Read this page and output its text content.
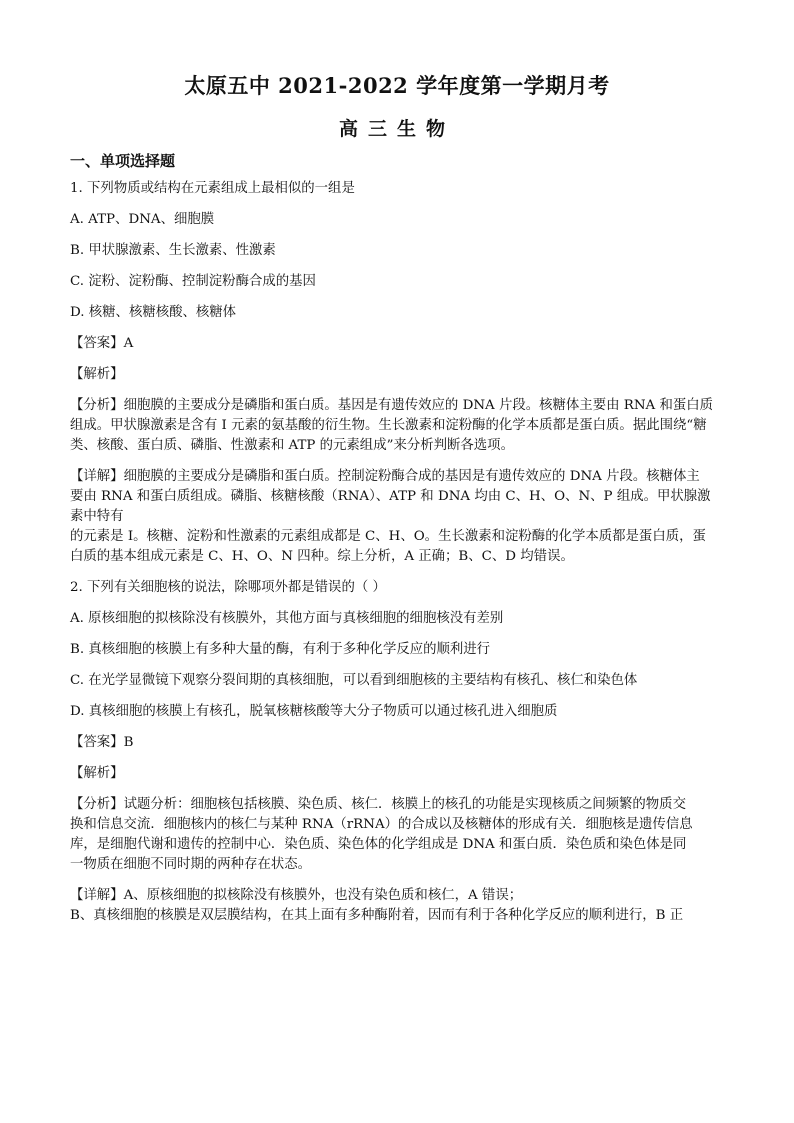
太原五中 2021-2022 学年度第一学期月考
高三生物
一、单项选择题

1. 下列物质或结构在元素组成上最相似的一组是

A. ATP、DNA、细胞膜

B. 甲状腺激素、生长激素、性激素

C. 淀粉、淀粉酶、控制淀粉酶合成的基因

D. 核糖、核糖核酸、核糖体

【答案】A

【解析】

【分析】细胞膜的主要成分是磷脂和蛋白质。基因是有遗传效应的 DNA 片段。核糖体主要由 RNA 和蛋白质
组成。甲状腺激素是含有 I 元素的氨基酸的衍生物。生长激素和淀粉酶的化学本质都是蛋白质。据此围绕“糖
类、核酸、蛋白质、磷脂、性激素和 ATP 的元素组成”来分析判断各选项。

【详解】细胞膜的主要成分是磷脂和蛋白质。控制淀粉酶合成的基因是有遗传效应的 DNA 片段。核糖体主
要由 RNA 和蛋白质组成。磷脂、核糖核酸（RNA）、ATP 和 DNA 均由 C、H、O、N、P 组成。甲状腺激素中特有
的元素是 I。核糖、淀粉和性激素的元素组成都是 C、H、O。生长激素和淀粉酶的化学本质都是蛋白质，蛋
白质的基本组成元素是 C、H、O、N 四种。综上分析，A 正确；B、C、D 均错误。

2. 下列有关细胞核的说法，除哪项外都是错误的（ ）

A. 原核细胞的拟核除没有核膜外，其他方面与真核细胞的细胞核没有差别

B. 真核细胞的核膜上有多种大量的酶，有利于多种化学反应的顺利进行

C. 在光学显微镜下观察分裂间期的真核细胞，可以看到细胞核的主要结构有核孔、核仁和染色体

D. 真核细胞的核膜上有核孔，脱氧核糖核酸等大分子物质可以通过核孔进入细胞质

【答案】B

【解析】

【分析】试题分析：细胞核包括核膜、染色质、核仁．核膜上的核孔的功能是实现核质之间频繁的物质交
换和信息交流．细胞核内的核仁与某种 RNA（rRNA）的合成以及核糖体的形成有关．细胞核是遗传信息
库，是细胞代谢和遗传的控制中心．染色质、染色体的化学组成是 DNA 和蛋白质．染色质和染色体是同
一物质在细胞不同时期的两种存在状态。

【详解】A、原核细胞的拟核除没有核膜外，也没有染色质和核仁，A 错误；
B、真核细胞的核膜是双层膜结构，在其上面有多种酶附着，因而有利于各种化学反应的顺利进行，B 正
